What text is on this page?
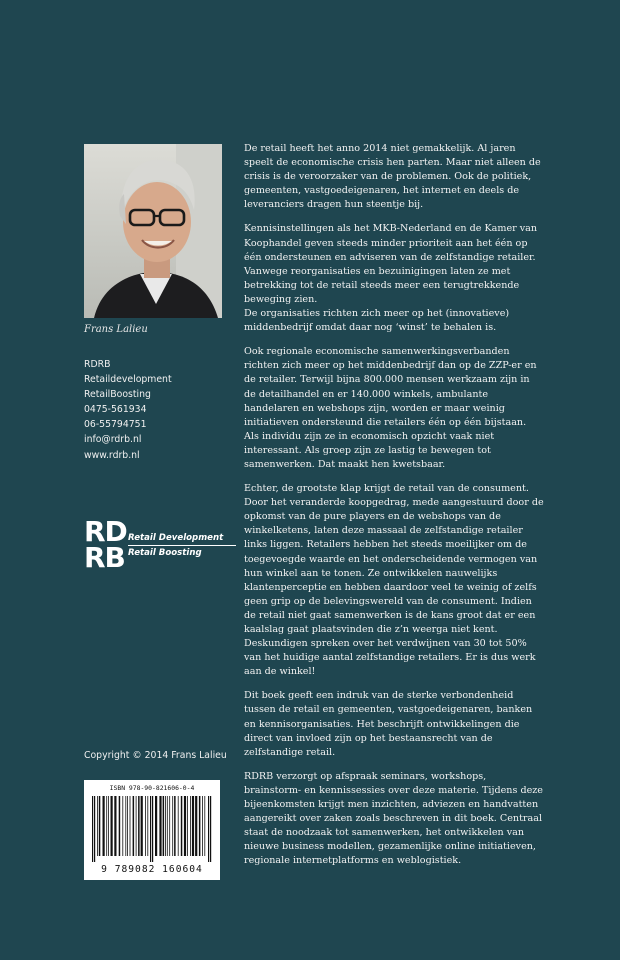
Frans Lalieu
RDRB
Retaildevelopment
RetailBoosting
0475-561934
06-55794751
info@rdrb.nl
www.rdrb.nl
RD
RB
Retail Development
Retail Boosting
Copyright © 2014 Frans Lalieu
ISBN 978-90-821606-0-4
9 789082 160604

De retail heeft het anno 2014 niet gemakkelijk. Al jaren speelt de economische crisis hen parten. Maar niet alleen de crisis is de veroorzaker van de problemen. Ook de politiek, gemeenten, vastgoedeigenaren, het internet en deels de leveranciers dragen hun steentje bij.

Kennisinstellingen als het MKB-Nederland en de Kamer van Koophandel geven steeds minder prioriteit aan het één op één ondersteunen en adviseren van de zelfstandige retailer. Vanwege reorganisaties en bezuinigingen laten ze met betrekking tot de retail steeds meer een terugtrekkende beweging zien.

De organisaties richten zich meer op het (innovatieve) middenbedrijf omdat daar nog ‘winst’ te behalen is.

Ook regionale economische samenwerkingsverbanden richten zich meer op het middenbedrijf dan op de ZZP-er en de retailer. Terwijl bijna 800.000 mensen werkzaam zijn in de detailhandel en er 140.000 winkels, ambulante handelaren en webshops zijn, worden er maar weinig initiatieven ondersteund die retailers één op één bijstaan. Als individu zijn ze in economisch opzicht vaak niet interessant. Als groep zijn ze lastig te bewegen tot samenwerken. Dat maakt hen kwetsbaar.

Echter, de grootste klap krijgt de retail van de consument. Door het veranderde koopgedrag, mede aangestuurd door de opkomst van de pure players en de webshops van de winkelketens, laten deze massaal de zelfstandige retailer links liggen. Retailers hebben het steeds moeilijker om de toegevoegde waarde en het onderscheidende vermogen van hun winkel aan te tonen. Ze ontwikkelen nauwelijks klantenperceptie en hebben daardoor veel te weinig of zelfs geen grip op de belevingswereld van de consument. Indien de retail niet gaat samenwerken is de kans groot dat er een kaalslag gaat plaatsvinden die z’n weerga niet kent. Deskundigen spreken over het verdwijnen van 30 tot 50% van het huidige aantal zelfstandige retailers. Er is dus werk aan de winkel!

Dit boek geeft een indruk van de sterke verbondenheid tussen de retail en gemeenten, vastgoedeigenaren, banken en kennisorganisaties. Het beschrijft ontwikkelingen die direct van invloed zijn op het bestaansrecht van de zelfstandige retail.

RDRB verzorgt op afspraak seminars, workshops, brainstorm- en kennissessies over deze materie. Tijdens deze bijeenkomsten krijgt men inzichten, adviezen en handvatten aangereikt over zaken zoals beschreven in dit boek. Centraal staat de noodzaak tot samenwerken, het ontwikkelen van nieuwe business modellen, gezamenlijke online initiatieven, regionale internetplatforms en weblogistiek.
